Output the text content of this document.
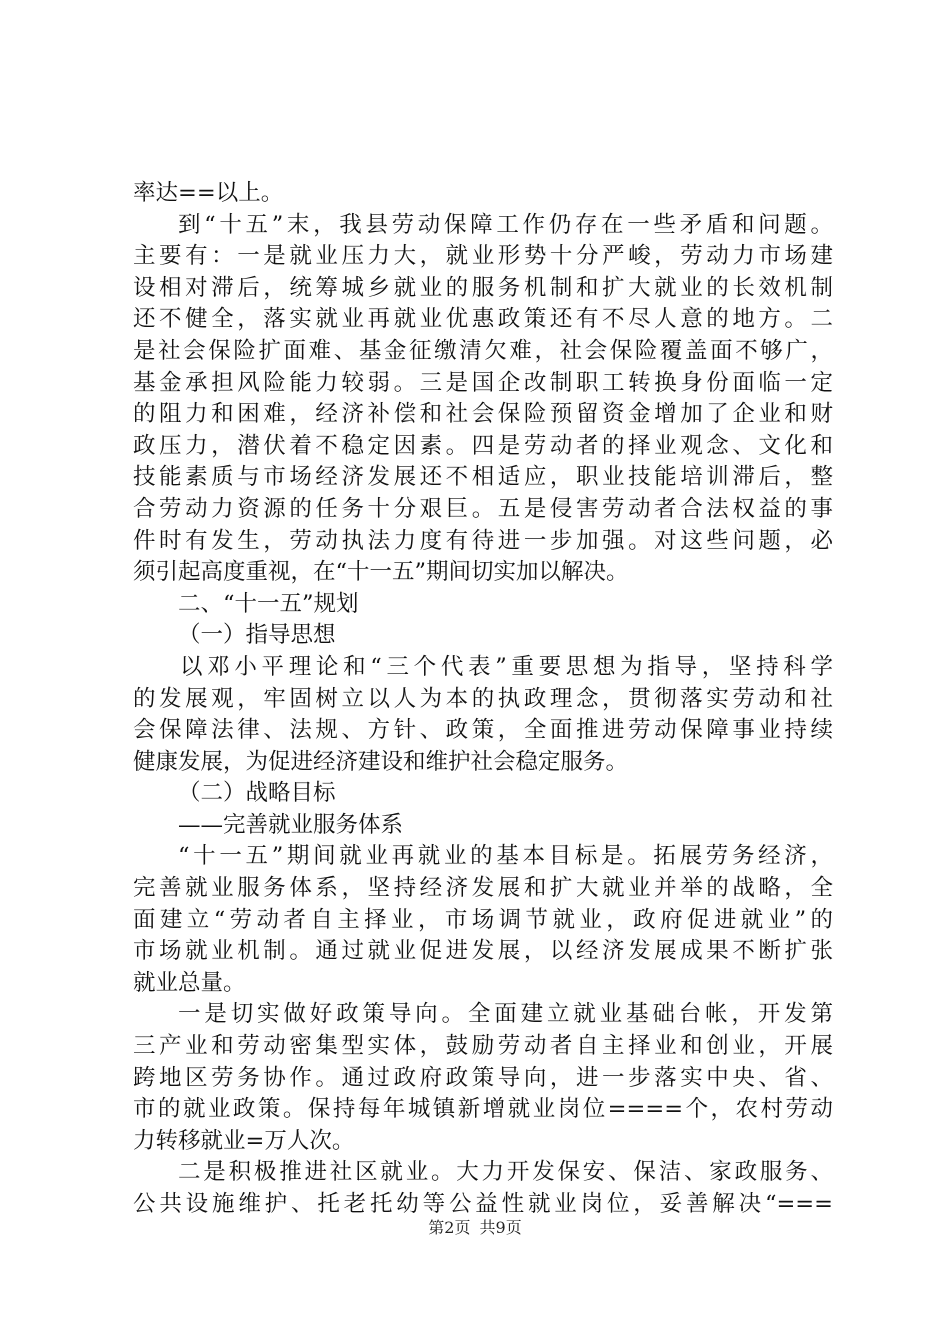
率达==以上。
到“十五”末，我县劳动保障工作仍存在一些矛盾和问题。
主要有：一是就业压力大，就业形势十分严峻，劳动力市场建
设相对滞后，统筹城乡就业的服务机制和扩大就业的长效机制
还不健全，落实就业再就业优惠政策还有不尽人意的地方。二
是社会保险扩面难、基金征缴清欠难，社会保险覆盖面不够广，
基金承担风险能力较弱。三是国企改制职工转换身份面临一定
的阻力和困难，经济补偿和社会保险预留资金增加了企业和财
政压力，潜伏着不稳定因素。四是劳动者的择业观念、文化和
技能素质与市场经济发展还不相适应，职业技能培训滞后，整
合劳动力资源的任务十分艰巨。五是侵害劳动者合法权益的事
件时有发生，劳动执法力度有待进一步加强。对这些问题，必
须引起高度重视，在“十一五”期间切实加以解决。
二、“十一五”规划
（一）指导思想
以邓小平理论和“三个代表”重要思想为指导，坚持科学
的发展观，牢固树立以人为本的执政理念，贯彻落实劳动和社
会保障法律、法规、方针、政策，全面推进劳动保障事业持续
健康发展，为促进经济建设和维护社会稳定服务。
（二）战略目标
——完善就业服务体系
“十一五”期间就业再就业的基本目标是。拓展劳务经济，
完善就业服务体系，坚持经济发展和扩大就业并举的战略，全
面建立“劳动者自主择业，市场调节就业，政府促进就业”的
市场就业机制。通过就业促进发展，以经济发展成果不断扩张
就业总量。
一是切实做好政策导向。全面建立就业基础台帐，开发第
三产业和劳动密集型实体，鼓励劳动者自主择业和创业，开展
跨地区劳务协作。通过政府政策导向，进一步落实中央、省、
市的就业政策。保持每年城镇新增就业岗位====个，农村劳动
力转移就业=万人次。
二是积极推进社区就业。大力开发保安、保洁、家政服务、
公共设施维护、托老托幼等公益性就业岗位，妥善解决“===
第2页 共9页
